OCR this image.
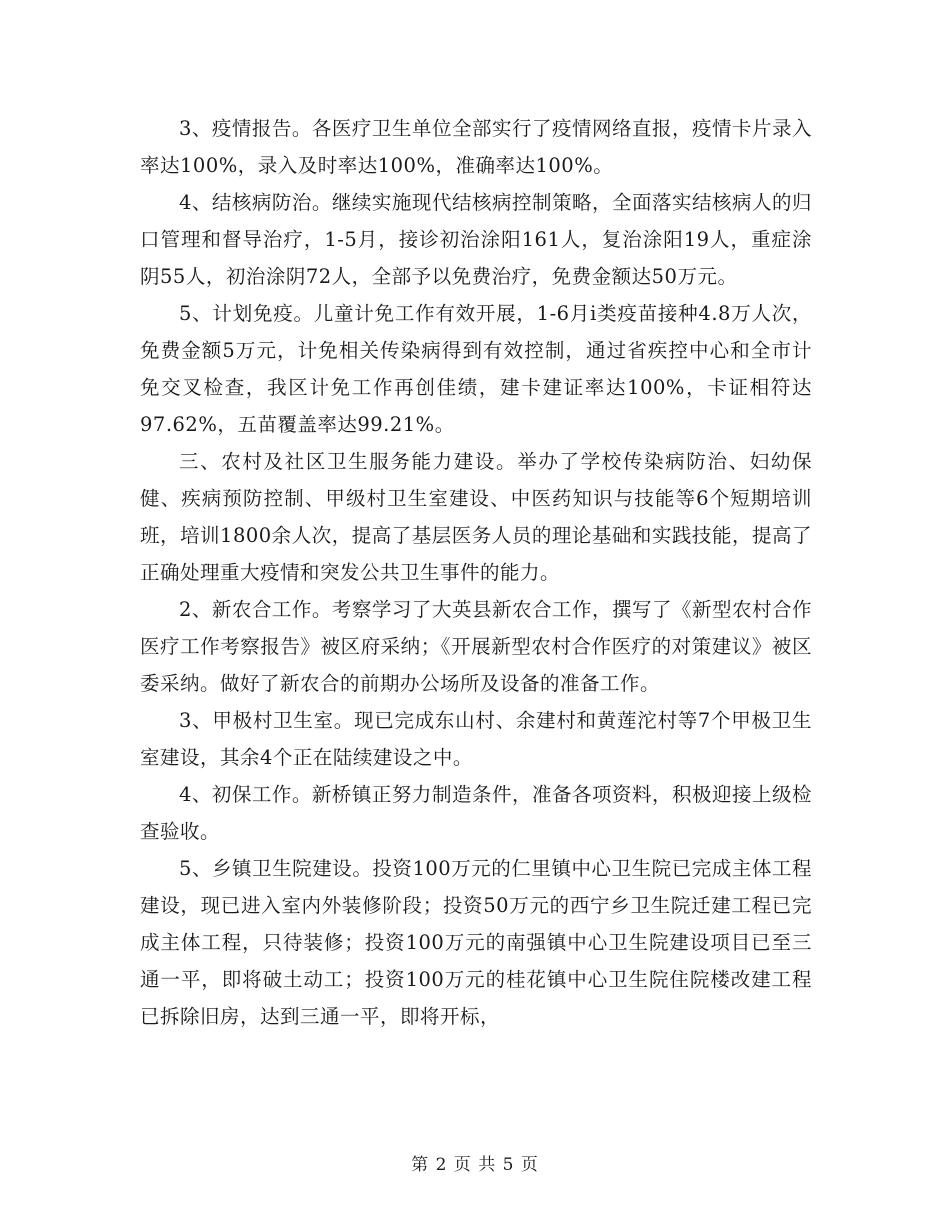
3、疫情报告。各医疗卫生单位全部实行了疫情网络直报，疫情卡片录入率达100%，录入及时率达100%，准确率达100%。

4、结核病防治。继续实施现代结核病控制策略，全面落实结核病人的归口管理和督导治疗，1-5月，接诊初治涂阳161人，复治涂阳19人，重症涂阴55人，初治涂阴72人，全部予以免费治疗，免费金额达50万元。

5、计划免疫。儿童计免工作有效开展，1-6月ⅰ类疫苗接种4.8万人次，免费金额5万元，计免相关传染病得到有效控制，通过省疾控中心和全市计免交叉检查，我区计免工作再创佳绩，建卡建证率达100%，卡证相符达97.62%，五苗覆盖率达99.21%。

三、农村及社区卫生服务能力建设。举办了学校传染病防治、妇幼保健、疾病预防控制、甲级村卫生室建设、中医药知识与技能等6个短期培训班，培训1800余人次，提高了基层医务人员的理论基础和实践技能，提高了正确处理重大疫情和突发公共卫生事件的能力。

2、新农合工作。考察学习了大英县新农合工作，撰写了《新型农村合作医疗工作考察报告》被区府采纳；《开展新型农村合作医疗的对策建议》被区委采纳。做好了新农合的前期办公场所及设备的准备工作。

3、甲极村卫生室。现已完成东山村、余建村和黄莲沱村等7个甲极卫生室建设，其余4个正在陆续建设之中。

4、初保工作。新桥镇正努力制造条件，准备各项资料，积极迎接上级检查验收。

5、乡镇卫生院建设。投资100万元的仁里镇中心卫生院已完成主体工程建设，现已进入室内外装修阶段；投资50万元的西宁乡卫生院迁建工程已完成主体工程，只待装修；投资100万元的南强镇中心卫生院建设项目已至三通一平，即将破土动工；投资100万元的桂花镇中心卫生院住院楼改建工程已拆除旧房，达到三通一平，即将开标，

第 2 页 共 5 页
